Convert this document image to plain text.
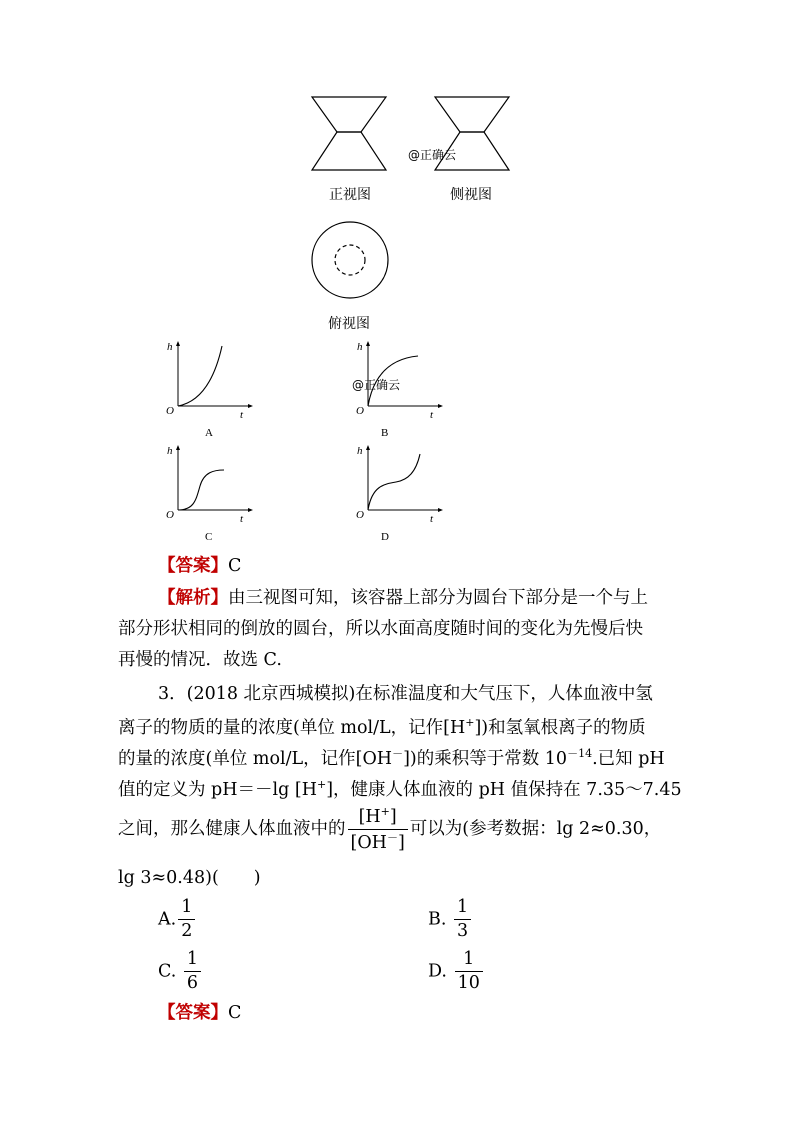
@正确云
正视图	侧视图
俯视图
h
t
O
A
h
t
O
B
@正确云
h
t
O
C
h
t
O
D
【答案】C
【解析】由三视图可知，该容器上部分为圆台下部分是一个与上
部分形状相同的倒放的圆台，所以水面高度随时间的变化为先慢后快
再慢的情况．故选 C.
3．(2018 北京西城模拟)在标准温度和大气压下，人体血液中氢
离子的物质的量的浓度(单位 mol/L，记作[H+])和氢氧根离子的物质
的量的浓度(单位 mol/L，记作[OH－])的乘积等于常数 $10^{-14}$.已知 pH
值的定义为 pH＝－lg [H+]，健康人体血液的 pH 值保持在 7.35～7.45
之间，那么健康人体血液中的 $\frac{[H^+]}{[OH^-]}$ 可以为(参考数据：lg 2≈0.30，
lg 3≈0.48)(　　)
A. $\frac{1}{2}$	B. $\frac{1}{3}$
C. $\frac{1}{6}$	D. $\frac{1}{10}$
【答案】C
